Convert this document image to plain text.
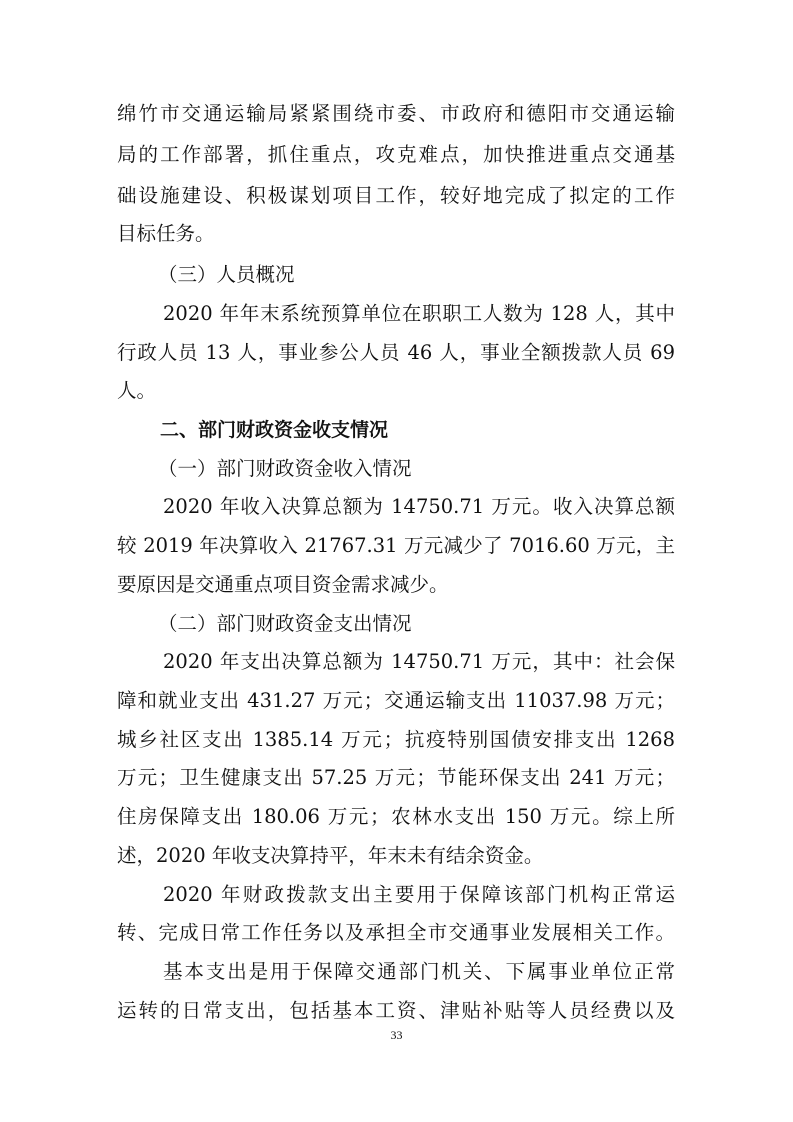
绵竹市交通运输局紧紧围绕市委、市政府和德阳市交通运输

局的工作部署，抓住重点，攻克难点，加快推进重点交通基

础设施建设、积极谋划项目工作，较好地完成了拟定的工作

目标任务。

（三）人员概况

2020 年年末系统预算单位在职职工人数为 128 人，其中

行政人员 13 人，事业参公人员 46 人，事业全额拨款人员 69

人。

二、部门财政资金收支情况

（一）部门财政资金收入情况

2020 年收入决算总额为 14750.71 万元。收入决算总额

较 2019 年决算收入 21767.31 万元减少了 7016.60 万元，主

要原因是交通重点项目资金需求减少。

（二）部门财政资金支出情况

2020 年支出决算总额为 14750.71 万元，其中：社会保

障和就业支出 431.27 万元；交通运输支出 11037.98 万元；

城乡社区支出 1385.14 万元；抗疫特别国债安排支出 1268

万元；卫生健康支出 57.25 万元；节能环保支出 241 万元；

住房保障支出 180.06 万元；农林水支出 150 万元。综上所

述，2020 年收支决算持平，年末未有结余资金。

2020 年财政拨款支出主要用于保障该部门机构正常运

转、完成日常工作任务以及承担全市交通事业发展相关工作。

基本支出是用于保障交通部门机关、下属事业单位正常

运转的日常支出，包括基本工资、津贴补贴等人员经费以及

33
